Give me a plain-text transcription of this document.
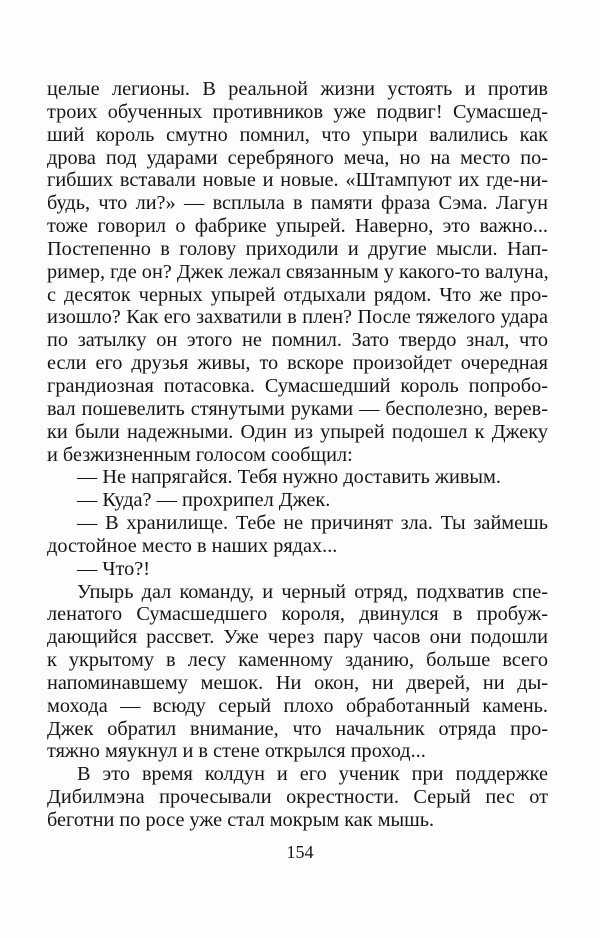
целые легионы. В реальной жизни устоять и против
троих обученных противников уже подвиг! Сумасшед-
ший король смутно помнил, что упыри валились как
дрова под ударами серебряного меча, но на место по-
гибших вставали новые и новые. «Штампуют их где-ни-
будь, что ли?» — всплыла в памяти фраза Сэма. Лагун
тоже говорил о фабрике упырей. Наверно, это важно...
Постепенно в голову приходили и другие мысли. Нап-
ример, где он? Джек лежал связанным у какого-то валуна,
с десяток черных упырей отдыхали рядом. Что же про-
изошло? Как его захватили в плен? После тяжелого удара
по затылку он этого не помнил. Зато твердо знал, что
если его друзья живы, то вскоре произойдет очередная
грандиозная потасовка. Сумасшедший король попробо-
вал пошевелить стянутыми руками — бесполезно, верев-
ки были надежными. Один из упырей подошел к Джеку
и безжизненным голосом сообщил:
— Не напрягайся. Тебя нужно доставить живым.
— Куда? — прохрипел Джек.
— В хранилище. Тебе не причинят зла. Ты займешь
достойное место в наших рядах...
— Что?!
Упырь дал команду, и черный отряд, подхватив спе-
ленатого Сумасшедшего короля, двинулся в пробуж-
дающийся рассвет. Уже через пару часов они подошли
к укрытому в лесу каменному зданию, больше всего
напоминавшему мешок. Ни окон, ни дверей, ни ды-
мохода — всюду серый плохо обработанный камень.
Джек обратил внимание, что начальник отряда про-
тяжно мяукнул и в стене открылся проход...
В это время колдун и его ученик при поддержке
Дибилмэна прочесывали окрестности. Серый пес от
беготни по росе уже стал мокрым как мышь.
154
